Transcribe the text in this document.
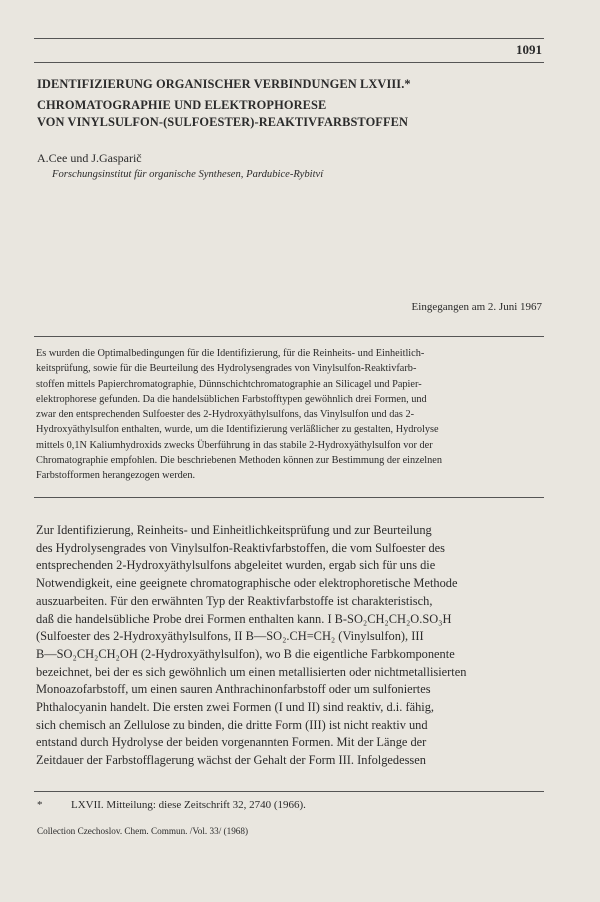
1091
IDENTIFIZIERUNG ORGANISCHER VERBINDUNGEN LXVIII.*
CHROMATOGRAPHIE UND ELEKTROPHORESE
VON VINYLSULFON-(SULFOESTER)-REAKTIVFARBSTOFFEN
A.Cee und J.Gasparič
Forschungsinstitut für organische Synthesen, Pardubice-Rybitví
Eingegangen am 2. Juni 1967
Es wurden die Optimalbedingungen für die Identifizierung, für die Reinheits- und Einheitlich-
keitsprüfung, sowie für die Beurteilung des Hydrolysengrades von Vinylsulfon-Reaktivfarb-
stoffen mittels Papierchromatographie, Dünnschichtchromatographie an Silicagel und Papier-
elektrophorese gefunden. Da die handelsüblichen Farbstofftypen gewöhnlich drei Formen, und
zwar den entsprechenden Sulfoester des 2-Hydroxyäthylsulfons, das Vinylsulfon und das 2-
Hydroxyäthylsulfon enthalten, wurde, um die Identifizierung verläßlicher zu gestalten, Hydrolyse
mittels 0,1N Kaliumhydroxids zwecks Überführung in das stabile 2-Hydroxyäthylsulfon vor der
Chromatographie empfohlen. Die beschriebenen Methoden können zur Bestimmung der einzelnen
Farbstofformen herangezogen werden.
Zur Identifizierung, Reinheits- und Einheitlichkeitsprüfung und zur Beurteilung
des Hydrolysengrades von Vinylsulfon-Reaktivfarbstoffen, die vom Sulfoester des
entsprechenden 2-Hydroxyäthylsulfons abgeleitet wurden, ergab sich für uns die
Notwendigkeit, eine geeignete chromatographische oder elektrophoretische Methode
auszuarbeiten. Für den erwähnten Typ der Reaktivfarbstoffe ist charakteristisch,
daß die handelsübliche Probe drei Formen enthalten kann. I B-SO₂CH₂CH₂O.SO₃H
(Sulfoester des 2-Hydroxyäthylsulfons, II B—SO₂.CH=CH₂ (Vinylsulfon), III
B—SO₂CH₂CH₂OH (2-Hydroxyäthylsulfon), wo B die eigentliche Farbkomponente
bezeichnet, bei der es sich gewöhnlich um einen metallisierten oder nichtmetallisierten
Monoazofarbstoff, um einen sauren Anthrachinonfarbstoff oder um sulfoniertes
Phthalocyanin handelt. Die ersten zwei Formen (I und II) sind reaktiv, d.i. fähig,
sich chemisch an Zellulose zu binden, die dritte Form (III) ist nicht reaktiv und
entstand durch Hydrolyse der beiden vorgenannten Formen. Mit der Länge der
Zeitdauer der Farbstofflagerung wächst der Gehalt der Form III. Infolgedessen
*	LXVII. Mitteilung: diese Zeitschrift 32, 2740 (1966).
Collection Czechoslov. Chem. Commun. /Vol. 33/ (1968)
